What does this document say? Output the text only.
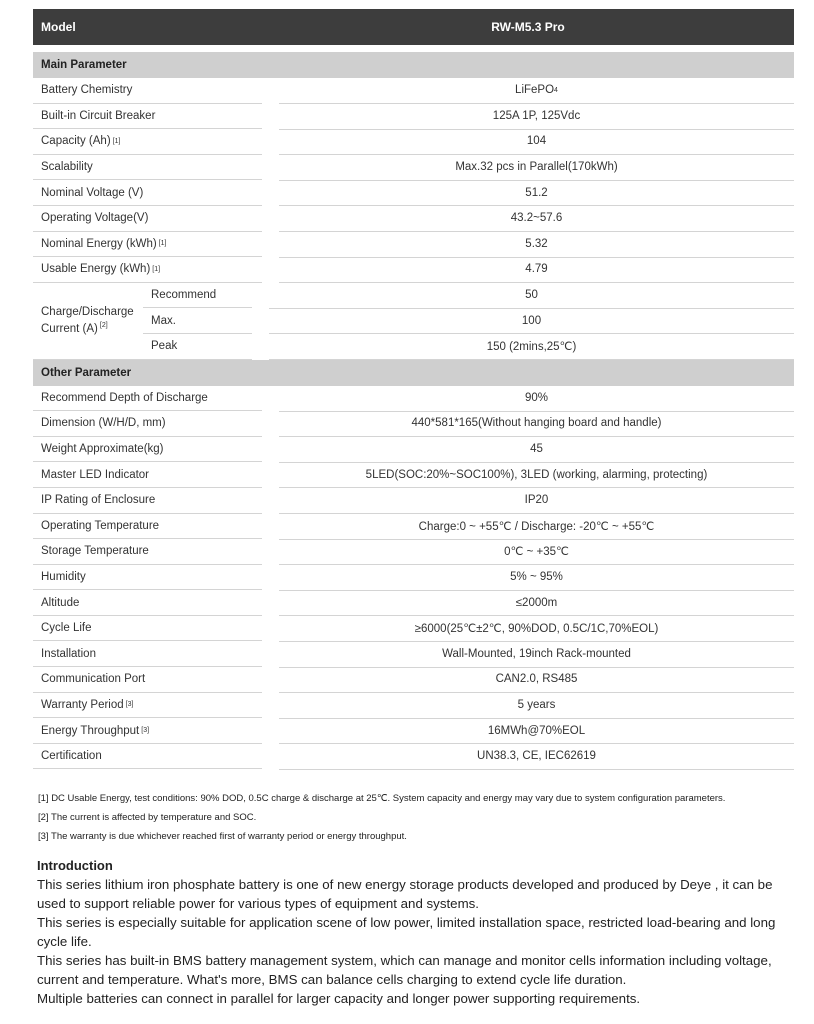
Model	RW-M5.3 Pro
Main Parameter
Battery Chemistry	LiFePO 4
Built-in Circuit Breaker	125A 1P, 125Vdc
Capacity (Ah) [1]	104
Scalability	Max.32 pcs in Parallel(170kWh)
Nominal Voltage (V)	51.2
Operating Voltage(V)	43.2~57.6
Nominal Energy (kWh) [1]	5.32
Usable Energy (kWh) [1]	4.79
Charge/Discharge Current (A) [2]
Recommend	50
Max.	100
Peak	150 (2mins,25℃)
Other Parameter
Recommend Depth of Discharge	90%
Dimension (W/H/D, mm)	440*581*165(Without hanging board and handle)
Weight Approximate(kg)	45
Master LED Indicator	5LED(SOC:20%~SOC100%), 3LED (working, alarming, protecting)
IP Rating of Enclosure	IP20
Operating Temperature	Charge:0 ~ +55℃ / Discharge: -20℃ ~ +55℃
Storage Temperature	0℃ ~ +35℃
Humidity	5% ~ 95%
Altitude	≤2000m
Cycle Life	≥6000(25℃±2℃, 90%DOD, 0.5C/1C,70%EOL)
Installation	Wall-Mounted, 19inch Rack-mounted
Communication Port	CAN2.0, RS485
Warranty Period [3]	5 years
Energy Throughput [3]	16MWh@70%EOL
Certification	UN38.3, CE, IEC62619
[1] DC Usable Energy, test conditions: 90% DOD, 0.5C charge & discharge at 25℃. System capacity and energy may vary due to system configuration parameters.
[2] The current is affected by temperature and SOC.
[3] The warranty is due whichever reached first of warranty period or energy throughput.
Introduction

This series lithium iron phosphate battery is one of new energy storage products developed and produced by Deye , it can be used to support reliable power for various types of equipment and systems.

This series is especially suitable for application scene of low power, limited installation space, restricted load-bearing and long cycle life.

This series has built-in BMS battery management system, which can manage and monitor cells information including voltage, current and temperature. What's more, BMS can balance cells charging to extend cycle life duration.

Multiple batteries can connect in parallel for larger capacity and longer power supporting requirements.
